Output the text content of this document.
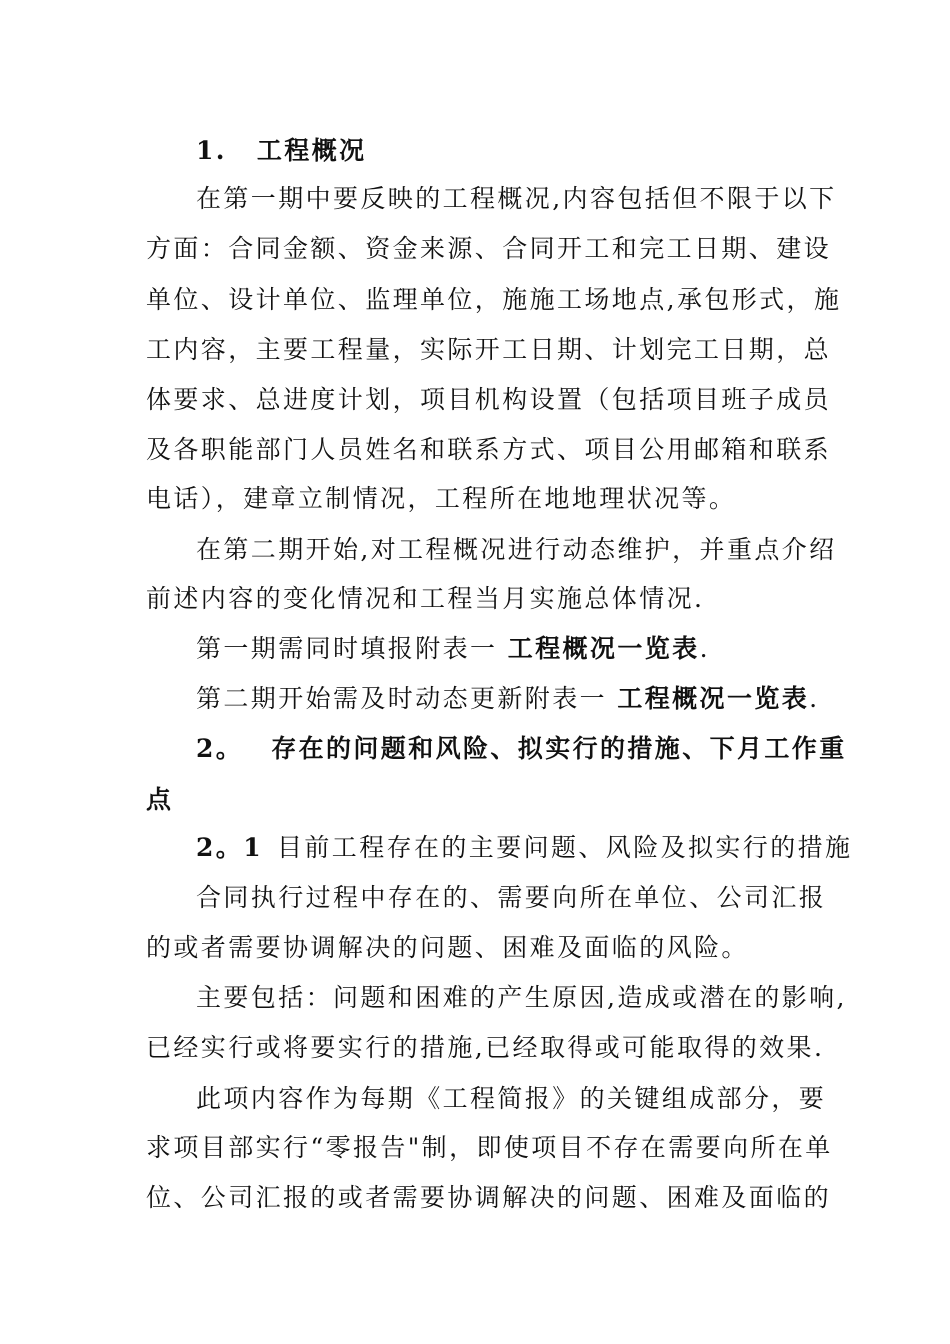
1. 工程概况
在第一期中要反映的工程概况,内容包括但不限于以下
方面：合同金额、资金来源、合同开工和完工日期、建设
单位、设计单位、监理单位，施施工场地点,承包形式，施
工内容，主要工程量，实际开工日期、计划完工日期，总
体要求、总进度计划，项目机构设置（包括项目班子成员
及各职能部门人员姓名和联系方式、项目公用邮箱和联系
电话），建章立制情况，工程所在地地理状况等。
在第二期开始,对工程概况进行动态维护，并重点介绍
前述内容的变化情况和工程当月实施总体情况.
第一期需同时填报附表一 工程概况一览表.
第二期开始需及时动态更新附表一 工程概况一览表.
2。 存在的问题和风险、拟实行的措施、下月工作重
点
2。1 目前工程存在的主要问题、风险及拟实行的措施
合同执行过程中存在的、需要向所在单位、公司汇报
的或者需要协调解决的问题、困难及面临的风险。
主要包括：问题和困难的产生原因,造成或潜在的影响,
已经实行或将要实行的措施,已经取得或可能取得的效果.
此项内容作为每期《工程简报》的关键组成部分，要
求项目部实行“零报告"制，即使项目不存在需要向所在单
位、公司汇报的或者需要协调解决的问题、困难及面临的
